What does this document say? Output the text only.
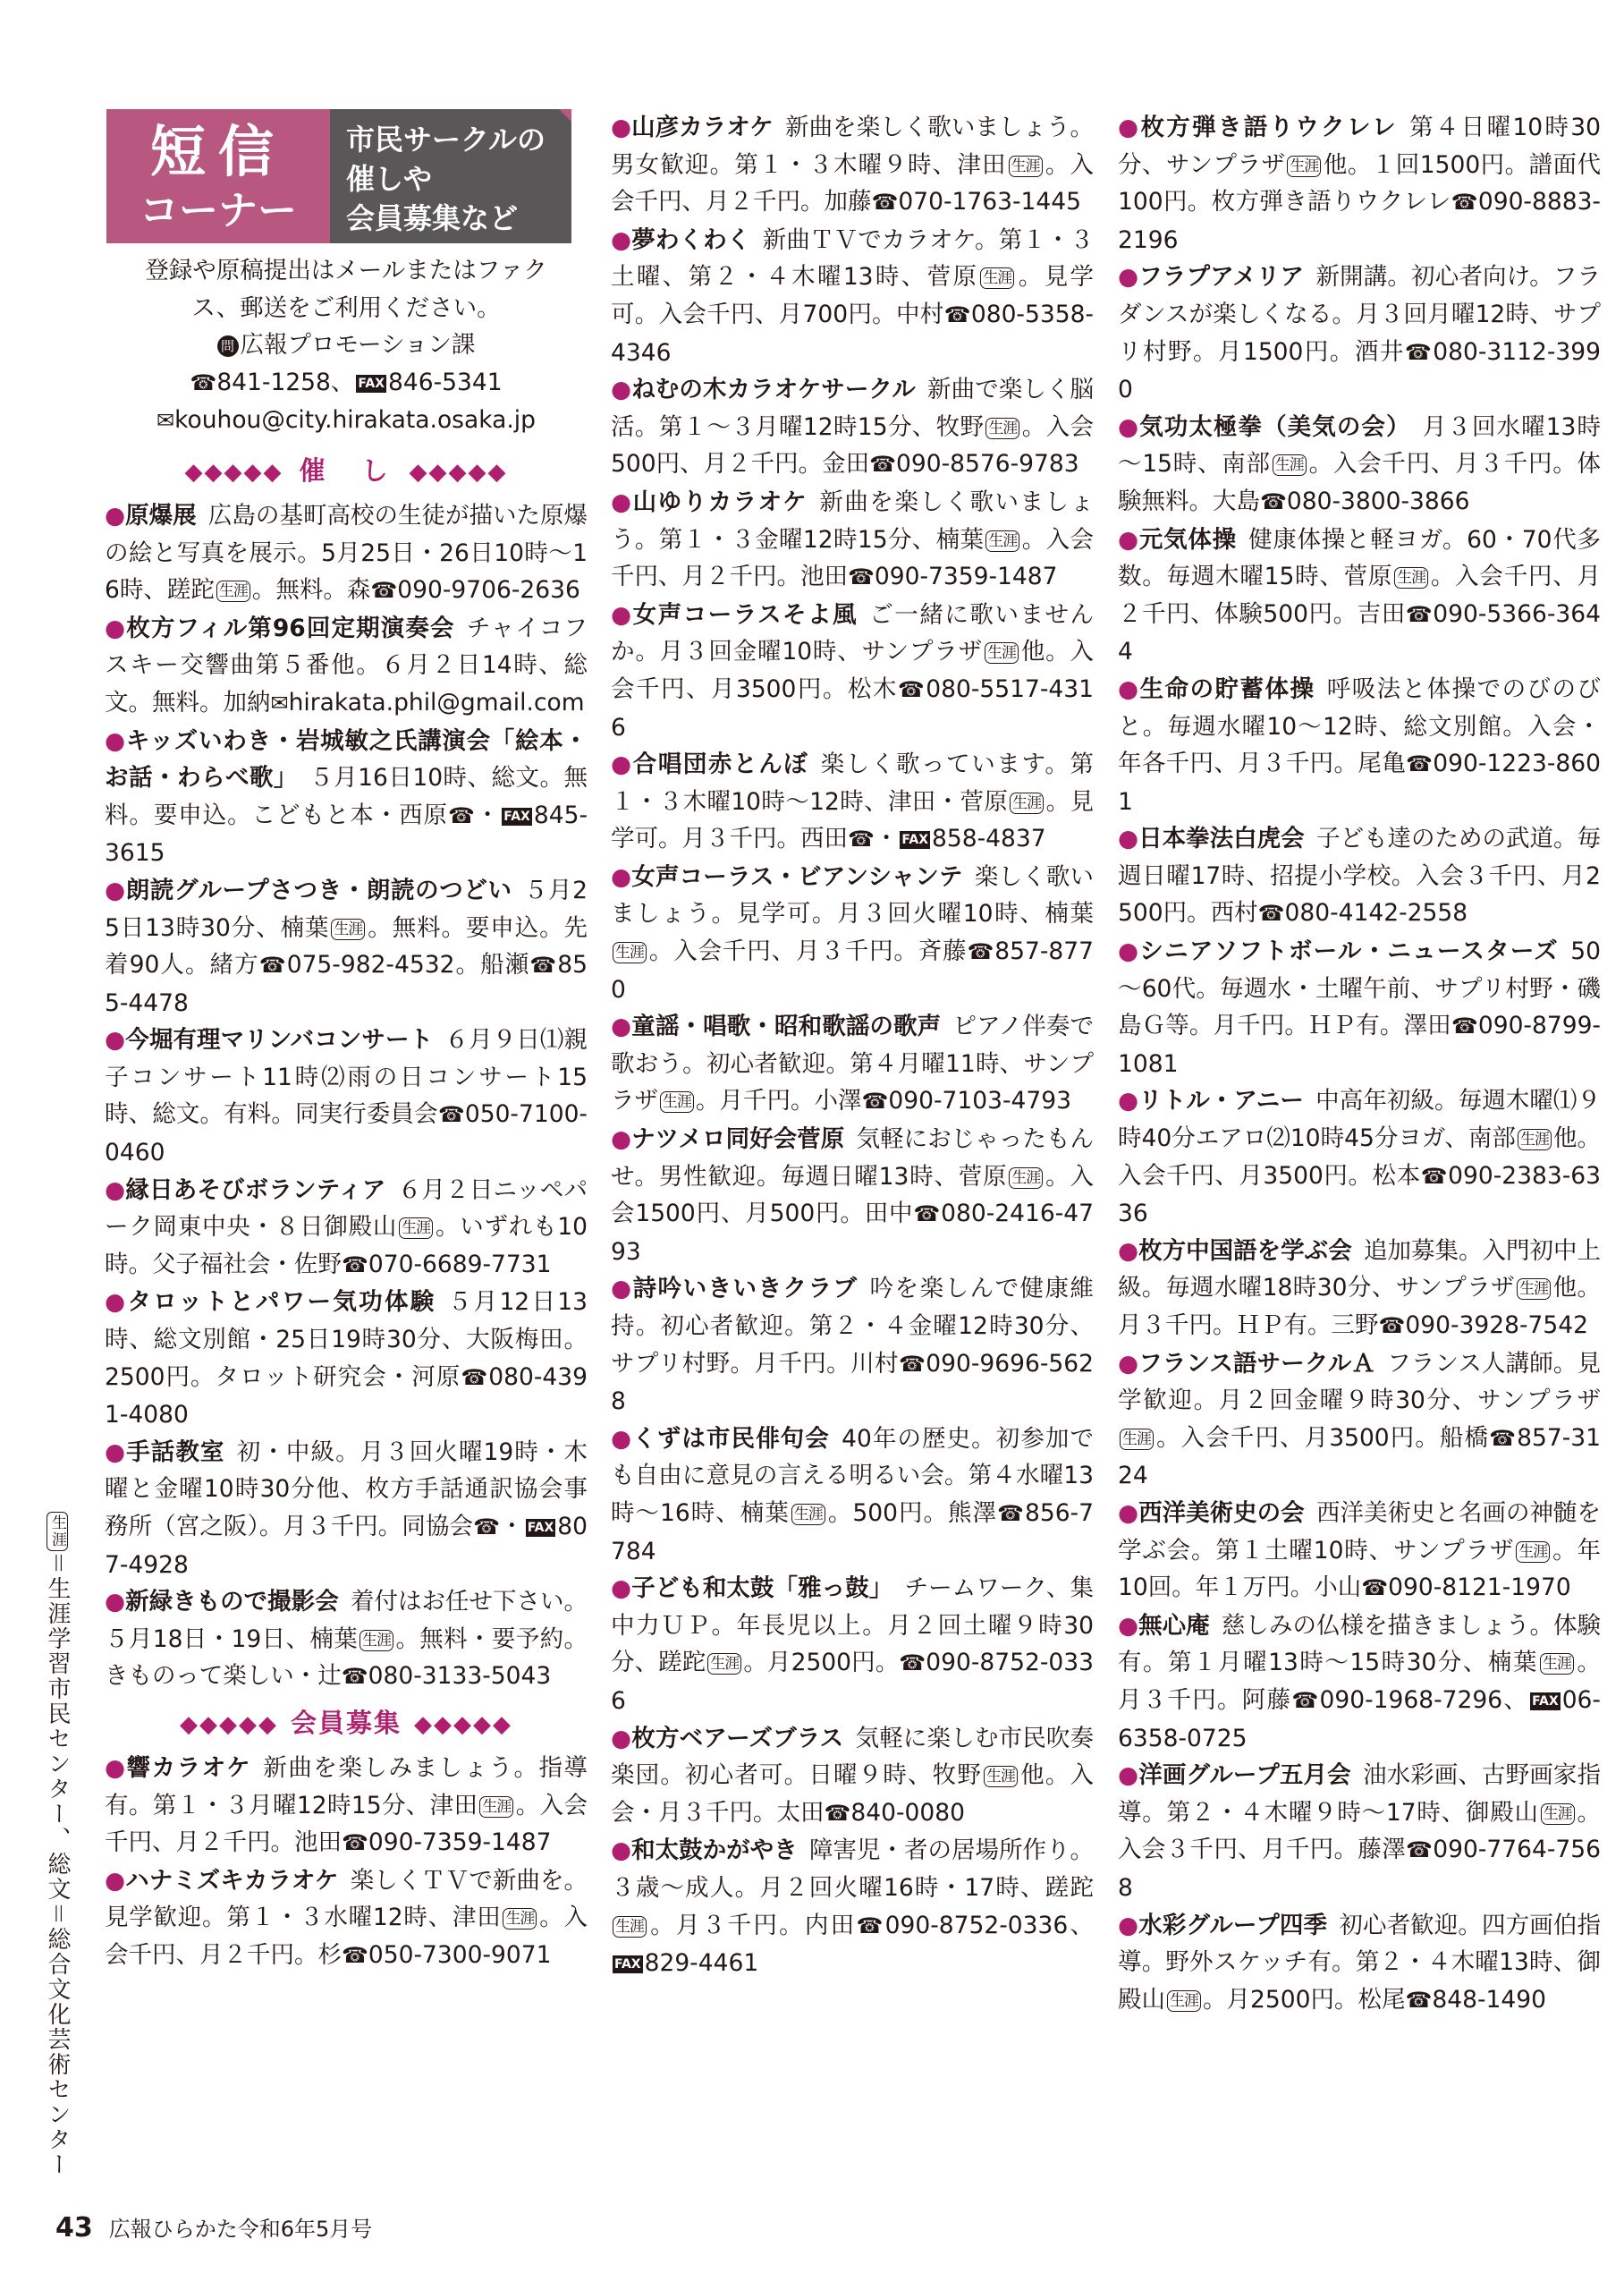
短信
コーナー
市民サークルの
催しや
会員募集など
登録や原稿提出はメールまたはファク
ス、郵送をご利用ください。
問 広報プロモーション課
☎841-1258、 FAX 846-5341
✉kouhou@city.hirakata.osaka.jp
◆◆◆◆◆ 催　し ◆◆◆◆◆

●原爆展 広島の基町高校の生徒が描いた原爆の絵と写真を展示。5月25日・26日10時～16時、蹉跎 生涯 。無料。森☎090-9706-2636

●枚方フィル第96回定期演奏会 チャイコフスキー交響曲第５番他。６月２日14時、総文。無料。加納✉hirakata.phil@gmail.com

●キッズいわき・岩城敏之氏講演会「絵本・お話・わらべ歌」 ５月16日10時、総文。無料。要申込。こどもと本・西原☎・ FAX 845-3615

●朗読グループさつき・朗読のつどい ５月25日13時30分、楠葉 生涯 。無料。要申込。先着90人。緒方☎075-982-4532。船瀬☎855-4478

●今堀有理マリンバコンサート ６月９日⑴親子コンサート11時⑵雨の日コンサート15時、総文。有料。同実行委員会☎050-7100-0460

●縁日あそびボランティア ６月２日ニッペパーク岡東中央・８日御殿山 生涯 。いずれも10時。父子福社会・佐野☎070-6689-7731

●タロットとパワー気功体験 ５月12日13時、総文別館・25日19時30分、大阪梅田。2500円。タロット研究会・河原☎080-4391-4080

●手話教室 初・中級。月３回火曜19時・木曜と金曜10時30分他、枚方手話通訳協会事務所（宮之阪）。月３千円。同協会☎・ FAX 807-4928

●新緑きもので撮影会 着付はお任せ下さい。５月18日・19日、楠葉 生涯 。無料・要予約。きものって楽しい・辻☎080-3133-5043

◆◆◆◆◆ 会員募集 ◆◆◆◆◆

●響カラオケ 新曲を楽しみましょう。指導有。第１・３月曜12時15分、津田 生涯 。入会千円、月２千円。池田☎090-7359-1487

●ハナミズキカラオケ 楽しくＴＶで新曲を。見学歓迎。第１・３水曜12時、津田 生涯 。入会千円、月２千円。杉☎050-7300-9071

●山彦カラオケ 新曲を楽しく歌いましょう。男女歓迎。第１・３木曜９時、津田 生涯 。入会千円、月２千円。加藤☎070-1763-1445

●夢わくわく 新曲ＴＶでカラオケ。第１・３土曜、第２・４木曜13時、菅原 生涯 。見学可。入会千円、月700円。中村☎080-5358-4346

●ねむの木カラオケサークル 新曲で楽しく脳活。第１～３月曜12時15分、牧野 生涯 。入会500円、月２千円。金田☎090-8576-9783

●山ゆりカラオケ 新曲を楽しく歌いましょう。第１・３金曜12時15分、楠葉 生涯 。入会千円、月２千円。池田☎090-7359-1487

●女声コーラスそよ風 ご一緒に歌いませんか。月３回金曜10時、サンプラザ 生涯 他。入会千円、月3500円。松木☎080-5517-4316

●合唱団赤とんぼ 楽しく歌っています。第１・３木曜10時～12時、津田・菅原 生涯 。見学可。月３千円。西田☎・ FAX 858-4837

●女声コーラス・ビアンシャンテ 楽しく歌いましょう。見学可。月３回火曜10時、楠葉生涯 。入会千円、月３千円。斉藤☎857-8770

●童謡・唱歌・昭和歌謡の歌声 ピアノ伴奏で歌おう。初心者歓迎。第４月曜11時、サンプラザ 生涯 。月千円。小澤☎090-7103-4793

●ナツメロ同好会菅原 気軽におじゃったもんせ。男性歓迎。毎週日曜13時、菅原 生涯 。入会1500円、月500円。田中☎080-2416-4793

●詩吟いきいきクラブ 吟を楽しんで健康維持。初心者歓迎。第２・４金曜12時30分、サプリ村野。月千円。川村☎090-9696-5628

●くずは市民俳句会 40年の歴史。初参加でも自由に意見の言える明るい会。第４水曜13時～16時、楠葉 生涯 。500円。熊澤☎856-7784

●子ども和太鼓「雅っ鼓」 チームワーク、集中力ＵＰ。年長児以上。月２回土曜９時30分、蹉跎 生涯 。月2500円。☎090-8752-0336

●枚方ベアーズブラス 気軽に楽しむ市民吹奏楽団。初心者可。日曜９時、牧野 生涯 他。入会・月３千円。太田☎840-0080

●和太鼓かがやき 障害児・者の居場所作り。３歳～成人。月２回火曜16時・17時、蹉跎生涯 。月３千円。内田☎090-8752-0336、FAX 829-4461

●枚方弾き語りウクレレ 第４日曜10時30分、サンプラザ 生涯 他。１回1500円。譜面代100円。枚方弾き語りウクレレ☎090-8883-2196

●フラプアメリア 新開講。初心者向け。フラダンスが楽しくなる。月３回月曜12時、サプリ村野。月1500円。酒井☎080-3112-3990

●気功太極拳（美気の会） 月３回水曜13時～15時、南部 生涯 。入会千円、月３千円。体験無料。大島☎080-3800-3866

●元気体操 健康体操と軽ヨガ。60・70代多数。毎週木曜15時、菅原 生涯 。入会千円、月２千円、体験500円。吉田☎090-5366-3644

●生命の貯蓄体操 呼吸法と体操でのびのびと。毎週水曜10～12時、総文別館。入会・年各千円、月３千円。尾亀☎090-1223-8601

●日本拳法白虎会 子ども達のための武道。毎週日曜17時、招提小学校。入会３千円、月2500円。西村☎080-4142-2558

●シニアソフトボール・ニュースターズ 50～60代。毎週水・土曜午前、サプリ村野・磯島Ｇ等。月千円。ＨＰ有。澤田☎090-8799-1081

●リトル・アニー 中高年初級。毎週木曜⑴９時40分エアロ⑵10時45分ヨガ、南部 生涯 他。入会千円、月3500円。松本☎090-2383-6336

●枚方中国語を学ぶ会 追加募集。入門初中上級。毎週水曜18時30分、サンプラザ 生涯 他。月３千円。ＨＰ有。三野☎090-3928-7542

●フランス語サークルＡ フランス人講師。見学歓迎。月２回金曜９時30分、サンプラザ生涯 。入会千円、月3500円。船橋☎857-3124

●西洋美術史の会 西洋美術史と名画の神髄を学ぶ会。第１土曜10時、サンプラザ 生涯 。年10回。年１万円。小山☎090-8121-1970

●無心庵 慈しみの仏様を描きましょう。体験有。第１月曜13時～15時30分、楠葉 生涯 。月３千円。阿藤☎090-1968-7296、 FAX 06-6358-0725

●洋画グループ五月会 油水彩画、古野画家指導。第２・４木曜９時～17時、御殿山 生涯 。入会３千円、月千円。藤澤☎090-7764-7568

●水彩グループ四季 初心者歓迎。四方画伯指導。野外スケッチ有。第２・４木曜13時、御殿山 生涯 。月2500円。松尾☎848-1490

生涯＝生涯学習市民センター、総文＝総合文化芸術センター
43 広報ひらかた令和6年5月号
